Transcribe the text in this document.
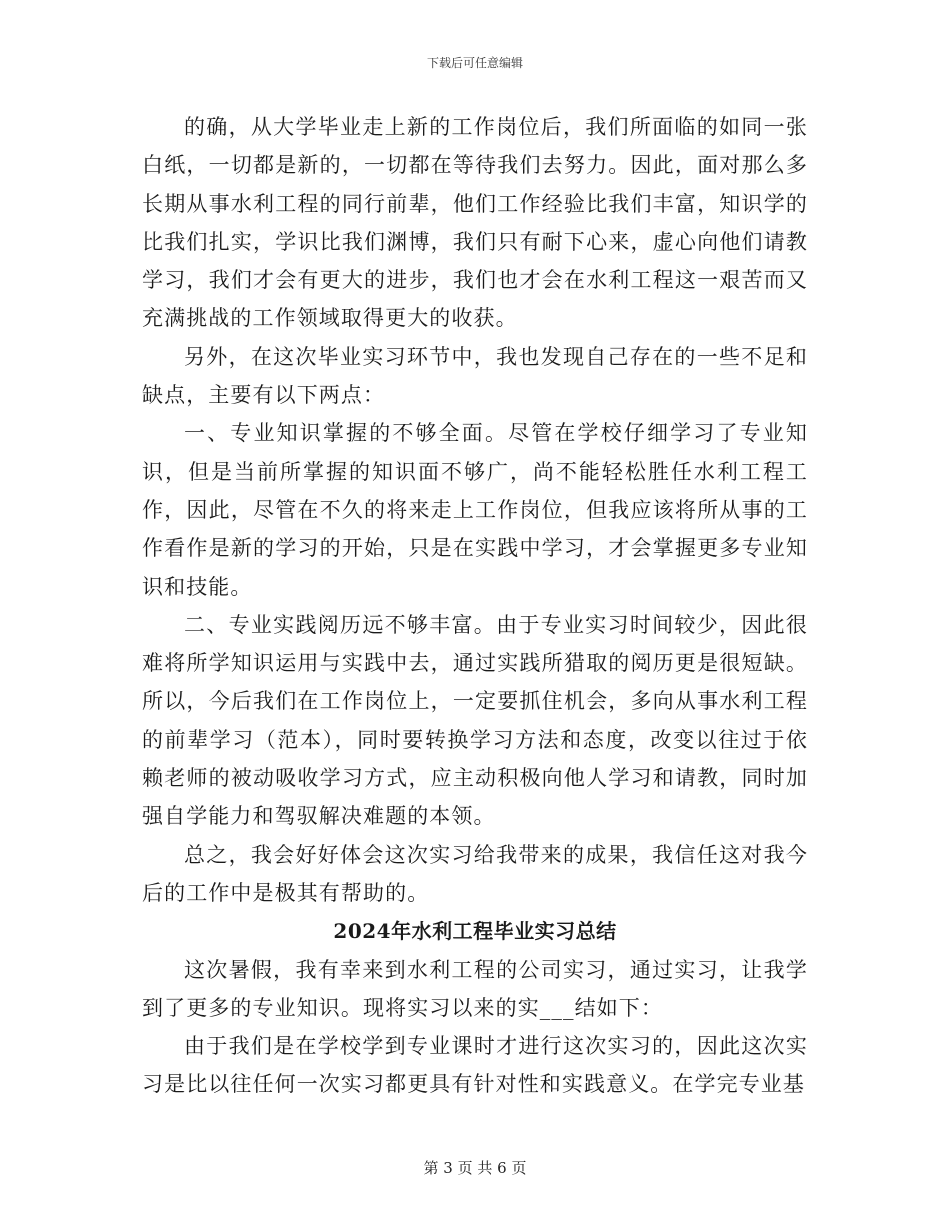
下载后可任意编辑

的确，从大学毕业走上新的工作岗位后，我们所面临的如同一张白纸，一切都是新的，一切都在等待我们去努力。因此，面对那么多长期从事水利工程的同行前辈，他们工作经验比我们丰富，知识学的比我们扎实，学识比我们渊博，我们只有耐下心来，虚心向他们请教学习，我们才会有更大的进步，我们也才会在水利工程这一艰苦而又充满挑战的工作领域取得更大的收获。

另外，在这次毕业实习环节中，我也发现自己存在的一些不足和缺点，主要有以下两点：

一、专业知识掌握的不够全面。尽管在学校仔细学习了专业知识，但是当前所掌握的知识面不够广，尚不能轻松胜任水利工程工作，因此，尽管在不久的将来走上工作岗位，但我应该将所从事的工作看作是新的学习的开始，只是在实践中学习，才会掌握更多专业知识和技能。

二、专业实践阅历远不够丰富。由于专业实习时间较少，因此很难将所学知识运用与实践中去，通过实践所猎取的阅历更是很短缺。所以，今后我们在工作岗位上，一定要抓住机会，多向从事水利工程的前辈学习（范本），同时要转换学习方法和态度，改变以往过于依赖老师的被动吸收学习方式，应主动积极向他人学习和请教，同时加强自学能力和驾驭解决难题的本领。

总之，我会好好体会这次实习给我带来的成果，我信任这对我今后的工作中是极其有帮助的。

2024年水利工程毕业实习总结

这次暑假，我有幸来到水利工程的公司实习，通过实习，让我学到了更多的专业知识。现将实习以来的实___结如下：

由于我们是在学校学到专业课时才进行这次实习的，因此这次实习是比以往任何一次实习都更具有针对性和实践意义。在学完专业基

第 3 页 共 6 页
